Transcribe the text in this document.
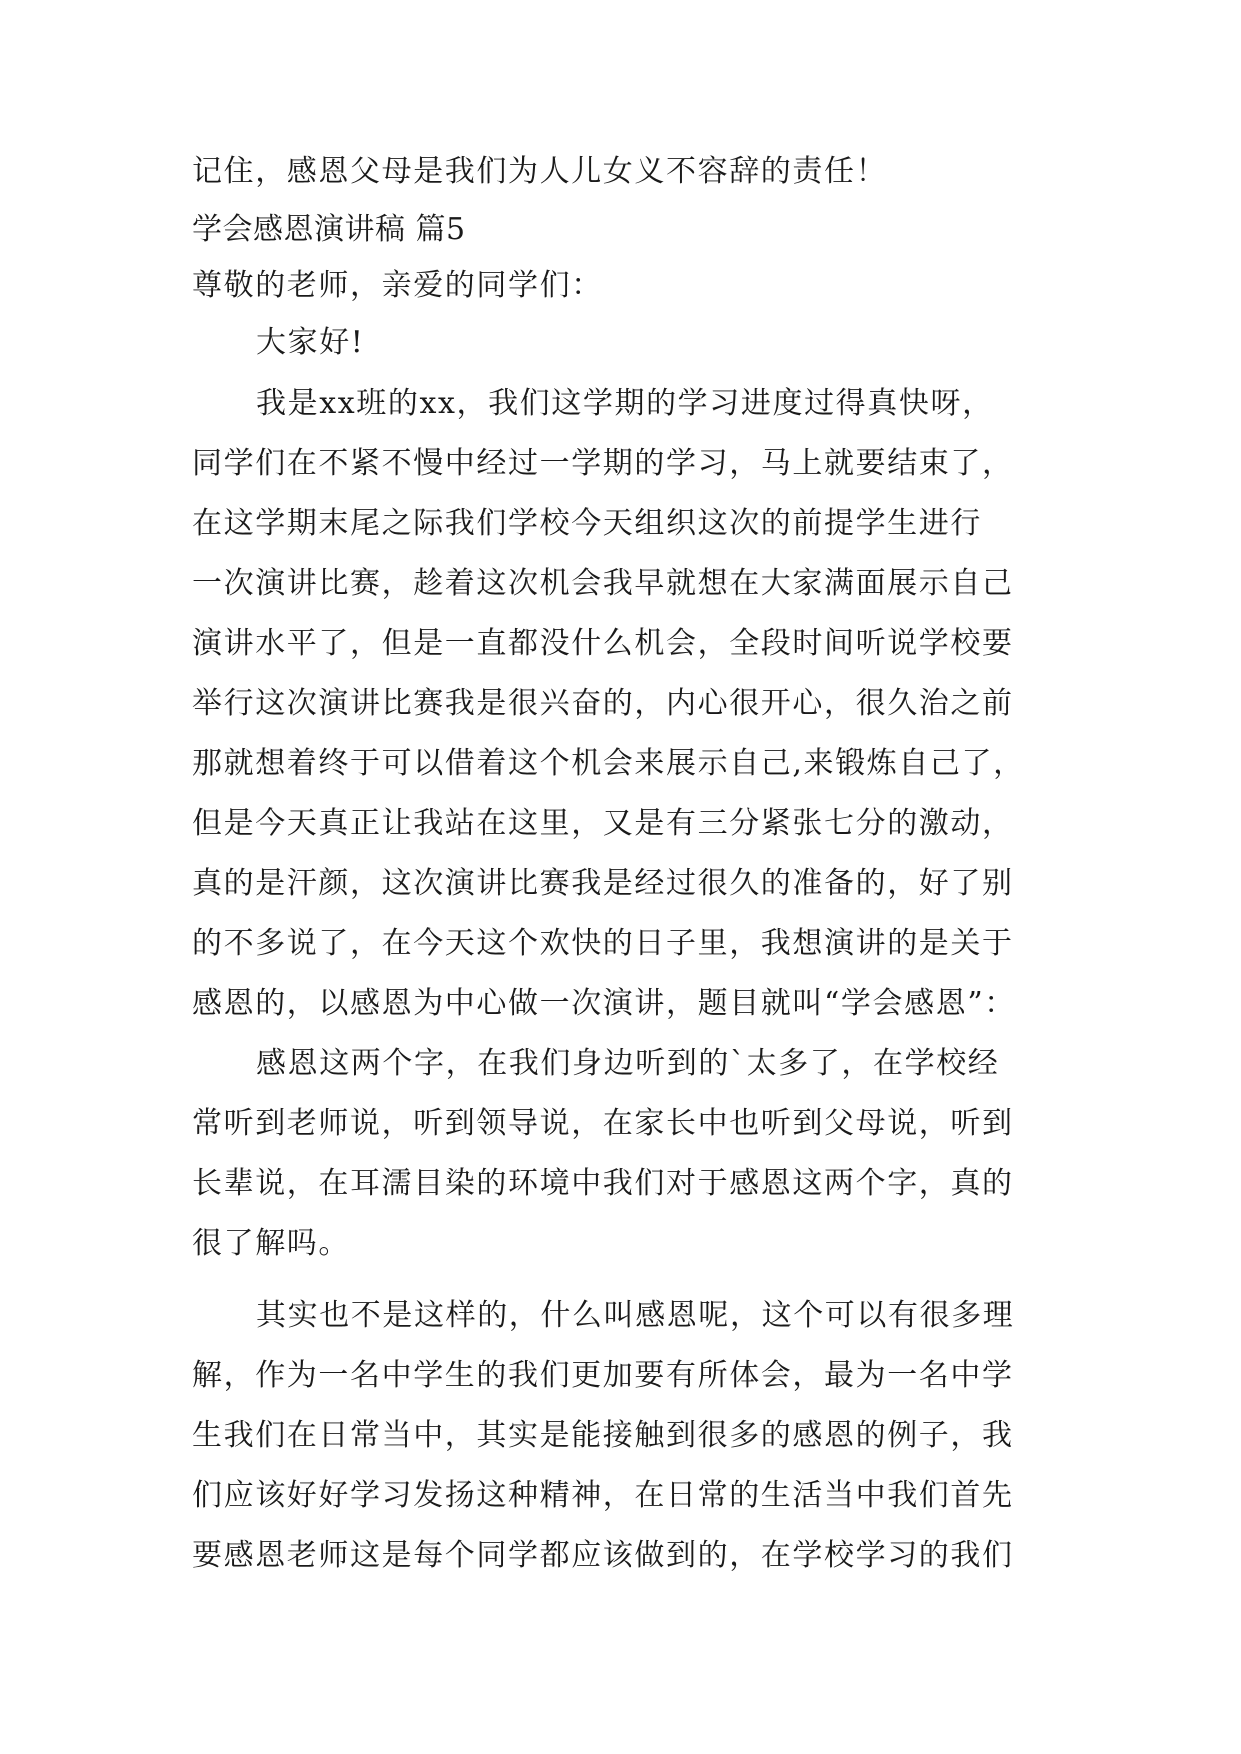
记住，感恩父母是我们为人儿女义不容辞的责任！
学会感恩演讲稿 篇5
尊敬的老师，亲爱的同学们：
大家好!
我是xx班的xx，我们这学期的学习进度过得真快呀，
同学们在不紧不慢中经过一学期的学习，马上就要结束了，
在这学期末尾之际我们学校今天组织这次的前提学生进行
一次演讲比赛，趁着这次机会我早就想在大家满面展示自己
演讲水平了，但是一直都没什么机会，全段时间听说学校要
举行这次演讲比赛我是很兴奋的，内心很开心，很久治之前
那就想着终于可以借着这个机会来展示自己,来锻炼自己了，
但是今天真正让我站在这里，又是有三分紧张七分的激动，
真的是汗颜，这次演讲比赛我是经过很久的准备的，好了别
的不多说了，在今天这个欢快的日子里，我想演讲的是关于
感恩的，以感恩为中心做一次演讲，题目就叫“学会感恩”：
感恩这两个字，在我们身边听到的`太多了，在学校经
常听到老师说，听到领导说，在家长中也听到父母说，听到
长辈说，在耳濡目染的环境中我们对于感恩这两个字，真的
很了解吗。
其实也不是这样的，什么叫感恩呢，这个可以有很多理
解，作为一名中学生的我们更加要有所体会，最为一名中学
生我们在日常当中，其实是能接触到很多的感恩的例子，我
们应该好好学习发扬这种精神，在日常的生活当中我们首先
要感恩老师这是每个同学都应该做到的，在学校学习的我们
